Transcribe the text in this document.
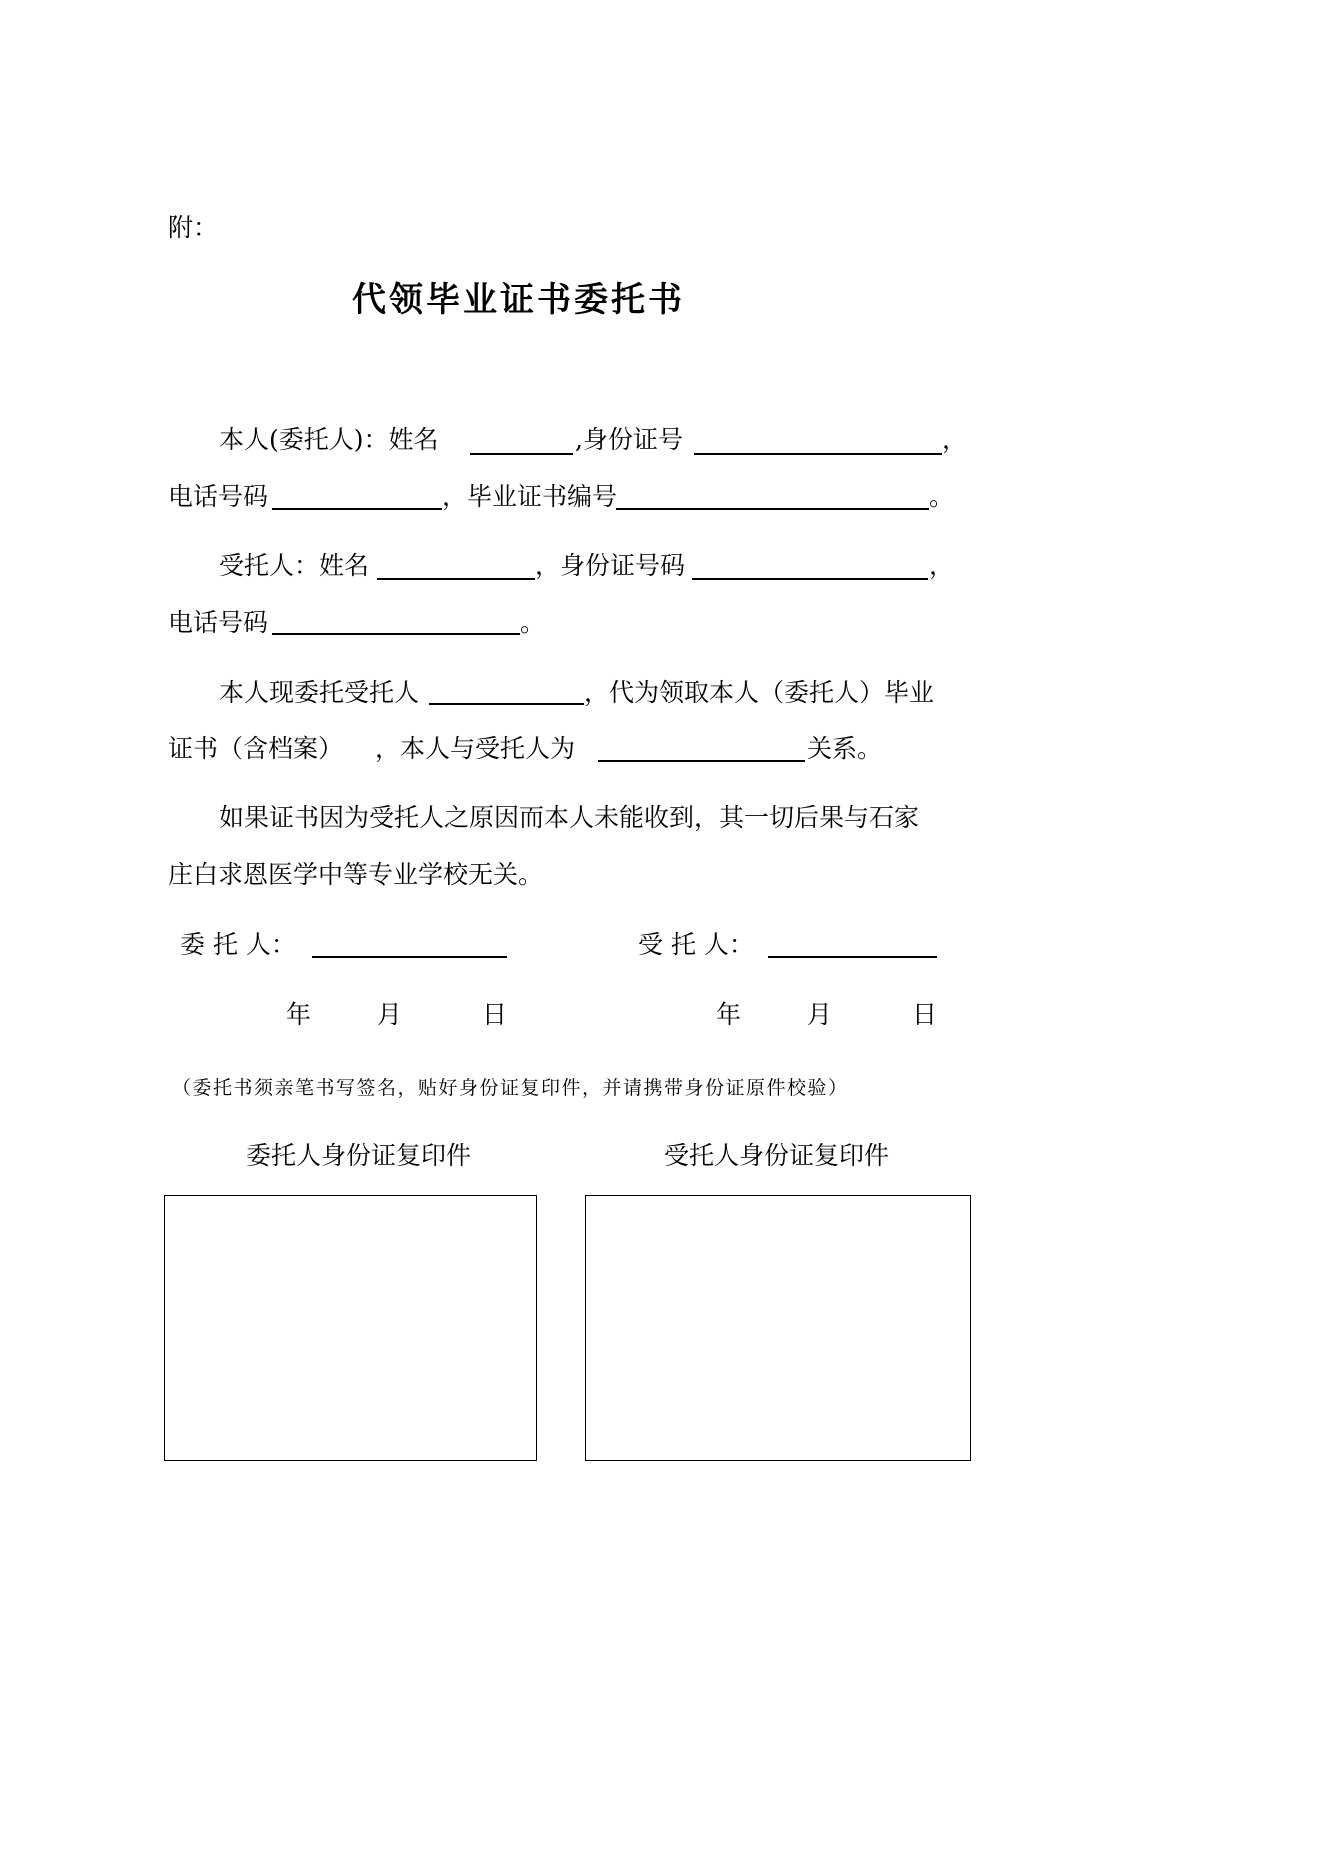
附：
代领毕业证书委托书
本人(委托人)：姓名	,身份证号	，
电话号码	，毕业证书编号	。
受托人：姓名	，身份证号码	，
电话号码	。
本人现委托受托人	，代为领取本人（委托人）毕业
证书（含档案） ，本人与受托人为	关系。
如果证书因为受托人之原因而本人未能收到，其一切后果与石家
庄白求恩医学中等专业学校无关。
委 托 人：	受 托 人：
年	月	日	年	月	日
（委托书须亲笔书写签名，贴好身份证复印件，并请携带身份证原件校验）
委托人身份证复印件	受托人身份证复印件
